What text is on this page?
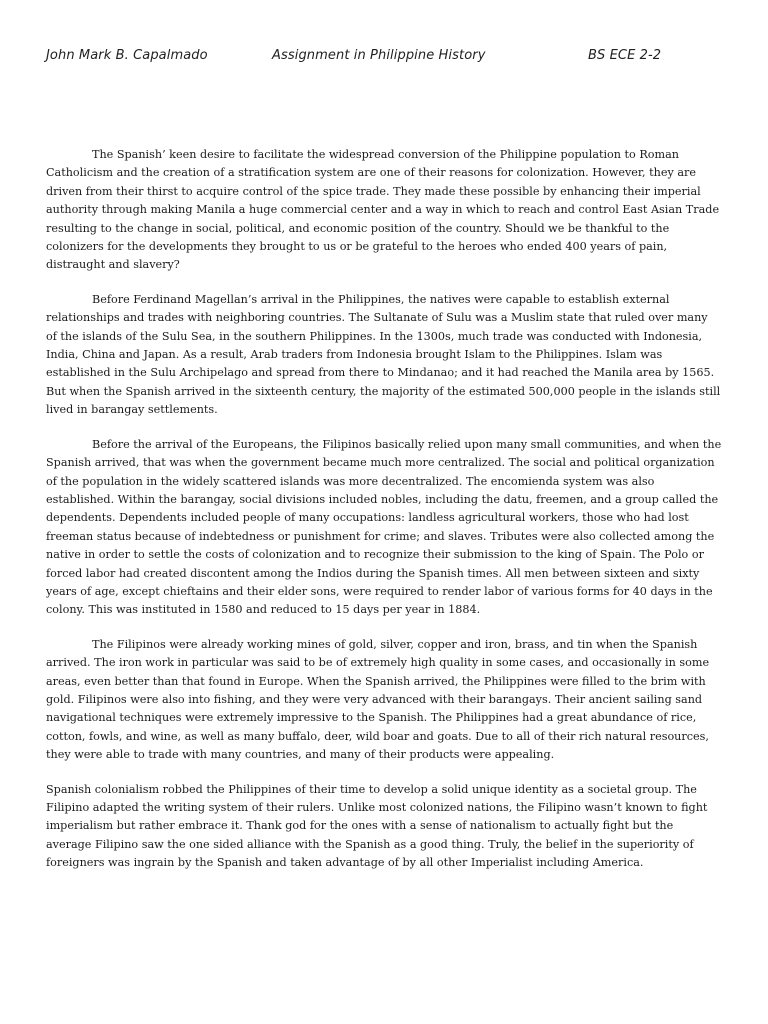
John Mark B. Capalmado	Assignment in Philippine History	BS ECE 2-2

The Spanish’ keen desire to facilitate the widespread conversion of the Philippine population to Roman Catholicism and the creation of a stratification system are one of their reasons for colonization. However, they are driven from their thirst to acquire control of the spice trade. They made these possible by enhancing their imperial authority through making Manila a huge commercial center and a way in which to reach and control East Asian Trade resulting to the change in social, political, and economic position of the country. Should we be thankful to the colonizers for the developments they brought to us or be grateful to the heroes who ended 400 years of pain, distraught and slavery?

Before Ferdinand Magellan’s arrival in the Philippines, the natives were capable to establish external relationships and trades with neighboring countries. The Sultanate of Sulu was a Muslim state that ruled over many of the islands of the Sulu Sea, in the southern Philippines. In the 1300s, much trade was conducted with Indonesia, India, China and Japan. As a result, Arab traders from Indonesia brought Islam to the Philippines. Islam was established in the Sulu Archipelago and spread from there to Mindanao; and it had reached the Manila area by 1565. But when the Spanish arrived in the sixteenth century, the majority of the estimated 500,000 people in the islands still lived in barangay settlements.

Before the arrival of the Europeans, the Filipinos basically relied upon many small communities, and when the Spanish arrived, that was when the government became much more centralized. The social and political organization of the population in the widely scattered islands was more decentralized. The encomienda system was also established. Within the barangay, social divisions included nobles, including the datu, freemen, and a group called the dependents. Dependents included people of many occupations: landless agricultural workers, those who had lost freeman status because of indebtedness or punishment for crime; and slaves. Tributes were also collected among the native in order to settle the costs of colonization and to recognize their submission to the king of Spain. The Polo or forced labor had created discontent among the Indios during the Spanish times. All men between sixteen and sixty years of age, except chieftains and their elder sons, were required to render labor of various forms for 40 days in the colony. This was instituted in 1580 and reduced to 15 days per year in 1884.

The Filipinos were already working mines of gold, silver, copper and iron, brass, and tin when the Spanish arrived. The iron work in particular was said to be of extremely high quality in some cases, and occasionally in some areas, even better than that found in Europe. When the Spanish arrived, the Philippines were filled to the brim with gold. Filipinos were also into fishing, and they were very advanced with their barangays. Their ancient sailing sand navigational techniques were extremely impressive to the Spanish. The Philippines had a great abundance of rice, cotton, fowls, and wine, as well as many buffalo, deer, wild boar and goats. Due to all of their rich natural resources, they were able to trade with many countries, and many of their products were appealing.

Spanish colonialism robbed the Philippines of their time to develop a solid unique identity as a societal group. The Filipino adapted the writing system of their rulers. Unlike most colonized nations, the Filipino wasn’t known to fight imperialism but rather embrace it. Thank god for the ones with a sense of nationalism to actually fight but the average Filipino saw the one sided alliance with the Spanish as a good thing. Truly, the belief in the superiority of foreigners was ingrain by the Spanish and taken advantage of by all other Imperialist including America.
